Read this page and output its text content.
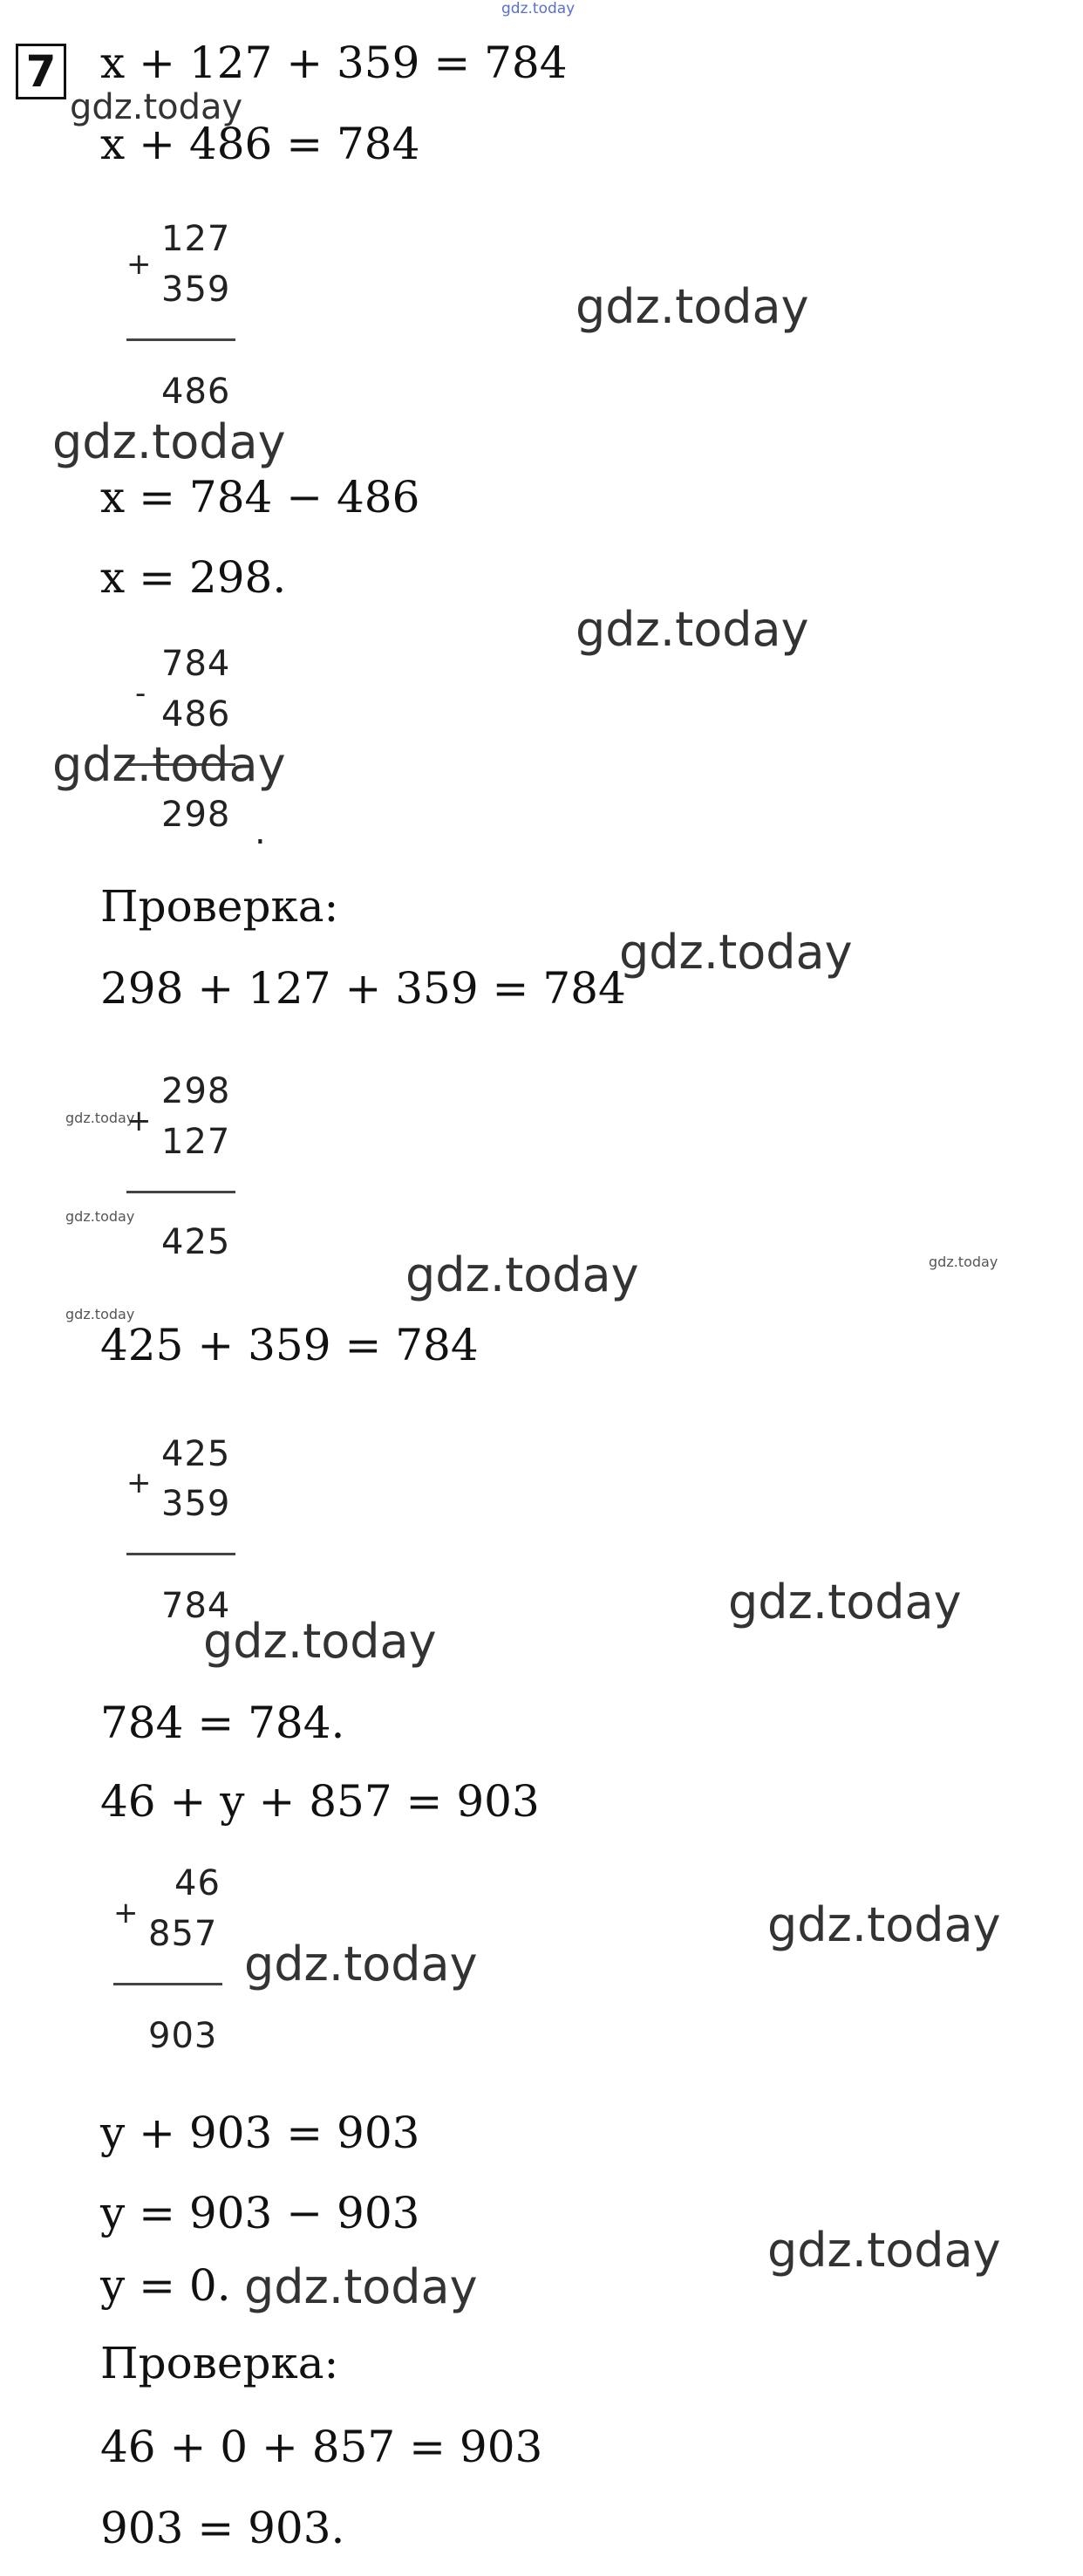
gdz.today
7 x + 127 + 359 = 784
gdz.today
x + 486 = 784
+
127
359
486
gdz.today
gdz.today
x = 784 − 486
x = 298.
gdz.today
-
784
486
298 .
gdz.today
Проверка:
298 + 127 + 359 = 784
gdz.today
gdz.today
+
298
127
425
gdz.today
gdz.today	gdz.today
gdz.today
425 + 359 = 784
+
425
359
784	gdz.today
gdz.today
784 = 784.
46 + y + 857 = 903
+
46
857
903
gdz.today
gdz.today
y + 903 = 903
y = 903 − 903
y = 0. gdz.today
gdz.today
Проверка:
46 + 0 + 857 = 903
903 = 903.
